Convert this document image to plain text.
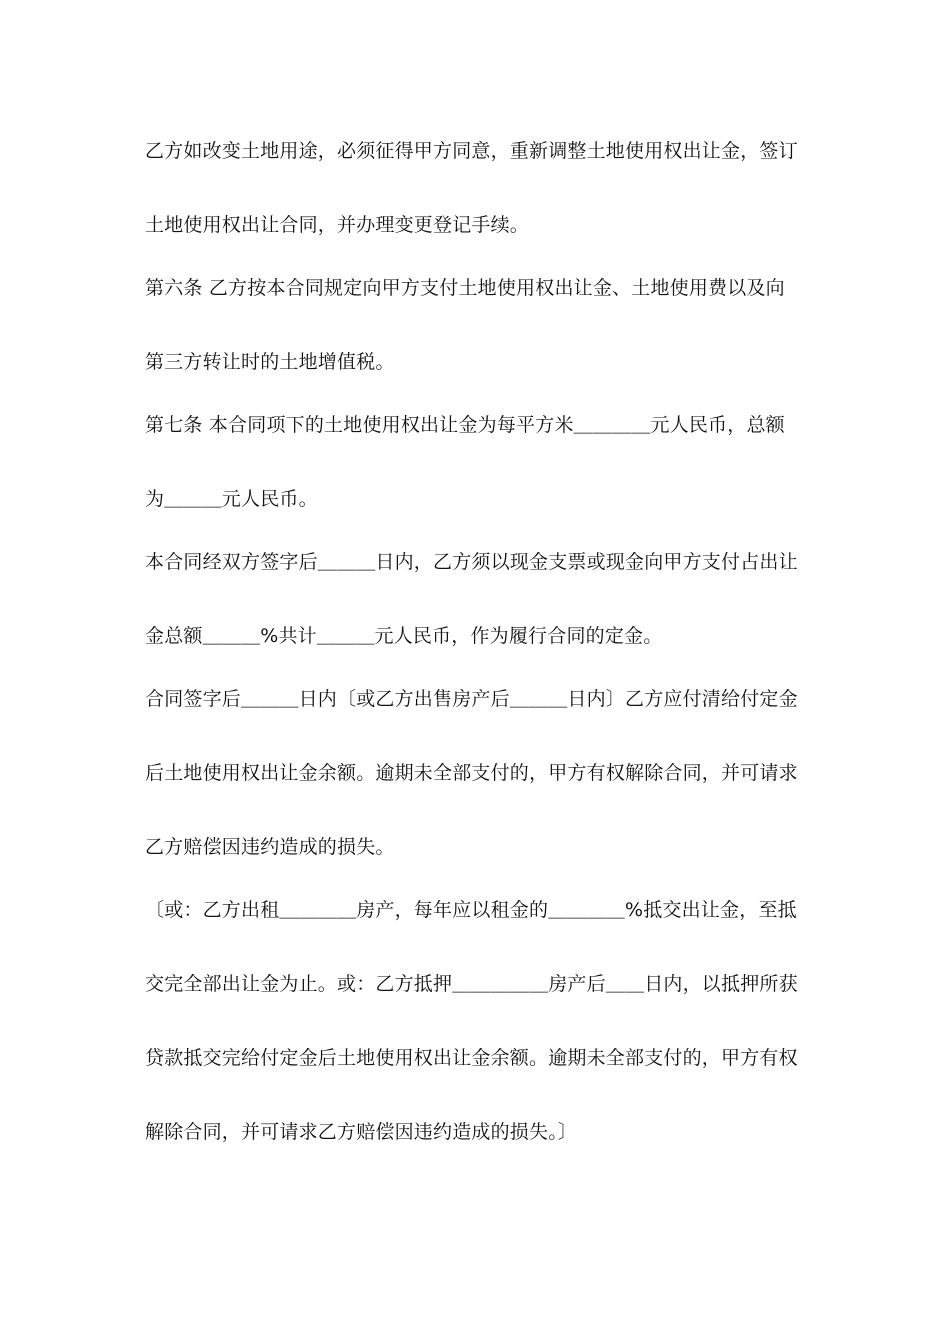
乙方如改变土地用途，必须征得甲方同意，重新调整土地使用权出让金，签订
土地使用权出让合同，并办理变更登记手续。
第六条 乙方按本合同规定向甲方支付土地使用权出让金、土地使用费以及向
第三方转让时的土地增值税。
第七条 本合同项下的土地使用权出让金为每平方米＿＿＿＿元人民币，总额
为＿＿＿元人民币。
本合同经双方签字后＿＿＿日内，乙方须以现金支票或现金向甲方支付占出让
金总额＿＿＿%共计＿＿＿元人民币，作为履行合同的定金。
合同签字后＿＿＿日内〔或乙方出售房产后＿＿＿日内〕乙方应付清给付定金
后土地使用权出让金余额。逾期未全部支付的，甲方有权解除合同，并可请求
乙方赔偿因违约造成的损失。
〔或：乙方出租＿＿＿＿房产，每年应以租金的＿＿＿＿%抵交出让金，至抵
交完全部出让金为止。或：乙方抵押＿＿＿＿＿房产后＿＿日内，以抵押所获
贷款抵交完给付定金后土地使用权出让金余额。逾期未全部支付的，甲方有权
解除合同，并可请求乙方赔偿因违约造成的损失。〕
